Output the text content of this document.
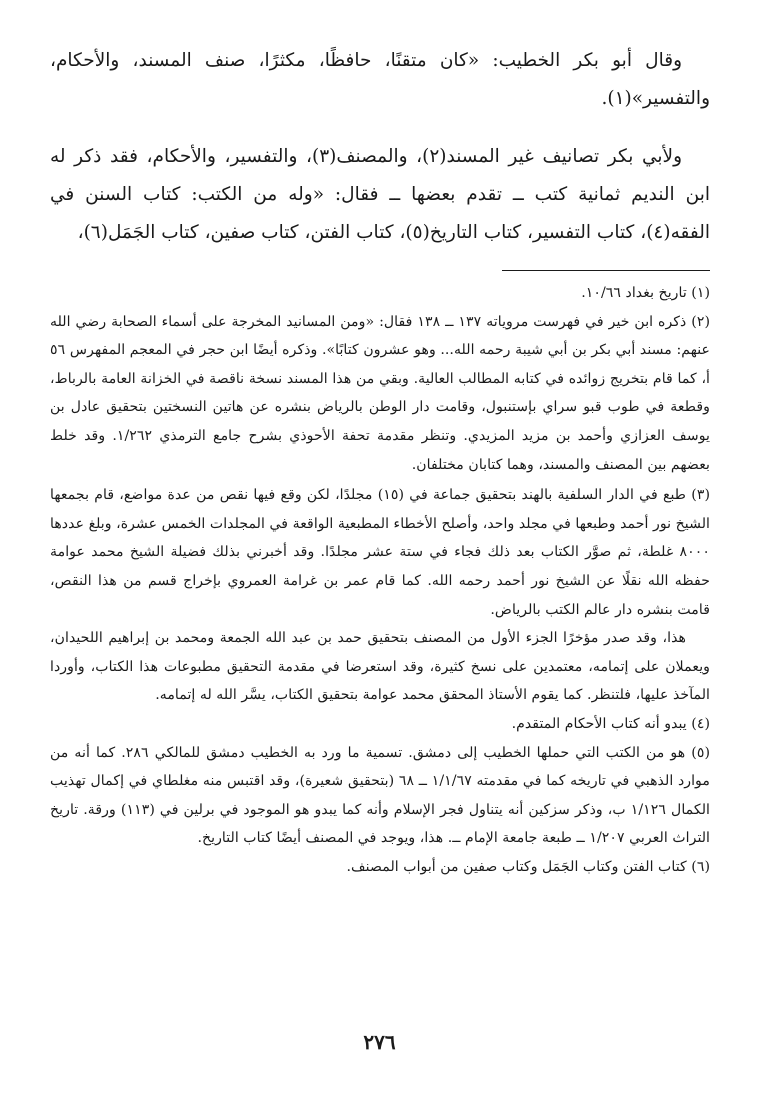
وقال أبو بكر الخطيب: «كان متقنًا، حافظًا، مكثرًا، صنف المسند، والأحكام، والتفسير»(١).

ولأبي بكر تصانيف غير المسند(٢)، والمصنف(٣)، والتفسير، والأحكام، فقد ذكر له ابن النديم ثمانية كتب ــ تقدم بعضها ــ فقال: «وله من الكتب: كتاب السنن في الفقه(٤)، كتاب التفسير، كتاب التاريخ(٥)، كتاب الفتن، كتاب صفين، كتاب الجَمَل(٦)،

(١) تاريخ بغداد ١٠/٦٦.

(٢) ذكره ابن خير في فهرست مروياته ١٣٧ ــ ١٣٨ فقال: «ومن المسانيد المخرجة على أسماء الصحابة رضي الله عنهم: مسند أبي بكر بن أبي شيبة رحمه الله... وهو عشرون كتابًا». وذكره أيضًا ابن حجر في المعجم المفهرس ٥٦ أ، كما قام بتخريج زوائده في كتابه المطالب العالية. وبقي من هذا المسند نسخة ناقصة في الخزانة العامة بالرباط، وقطعة في طوب قبو سراي بإستنبول، وقامت دار الوطن بالرياض بنشره عن هاتين النسختين بتحقيق عادل بن يوسف العزازي وأحمد بن مزيد المزيدي. وتنظر مقدمة تحفة الأحوذي بشرح جامع الترمذي ١/٢٦٢. وقد خلط بعضهم بين المصنف والمسند، وهما كتابان مختلفان.

(٣) طبع في الدار السلفية بالهند بتحقيق جماعة في (١٥) مجلدًا، لكن وقع فيها نقص من عدة مواضع، قام بجمعها الشيخ نور أحمد وطبعها في مجلد واحد، وأصلح الأخطاء المطبعية الواقعة في المجلدات الخمس عشرة، وبلغ عددها ٨٠٠٠ غلطة، ثم صوَّر الكتاب بعد ذلك فجاء في ستة عشر مجلدًا. وقد أخبرني بذلك فضيلة الشيخ محمد عوامة حفظه الله نقلًا عن الشيخ نور أحمد رحمه الله. كما قام عمر بن غرامة العمروي بإخراج قسم من هذا النقص، قامت بنشره دار عالم الكتب بالرياض.

هذا، وقد صدر مؤخرًا الجزء الأول من المصنف بتحقيق حمد بن عبد الله الجمعة ومحمد بن إبراهيم اللحيدان، ويعملان على إتمامه، معتمدين على نسخ كثيرة، وقد استعرضا في مقدمة التحقيق مطبوعات هذا الكتاب، وأوردا المآخذ عليها، فلتنظر. كما يقوم الأستاذ المحقق محمد عوامة بتحقيق الكتاب، يسَّر الله له إتمامه.

(٤) يبدو أنه كتاب الأحكام المتقدم.

(٥) هو من الكتب التي حملها الخطيب إلى دمشق. تسمية ما ورد به الخطيب دمشق للمالكي ٢٨٦. كما أنه من موارد الذهبي في تاريخه كما في مقدمته ١/١/٦٧ ــ ٦٨ (بتحقيق شعيرة)، وقد اقتبس منه مغلطاي في إكمال تهذيب الكمال ١/١٢٦ ب، وذكر سزكين أنه يتناول فجر الإسلام وأنه كما يبدو هو الموجود في برلين في (١١٣) ورقة. تاريخ التراث العربي ١/٢٠٧ ــ طبعة جامعة الإمام ــ. هذا، ويوجد في المصنف أيضًا كتاب التاريخ.

(٦) كتاب الفتن وكتاب الجَمَل وكتاب صفين من أبواب المصنف.

٢٧٦
